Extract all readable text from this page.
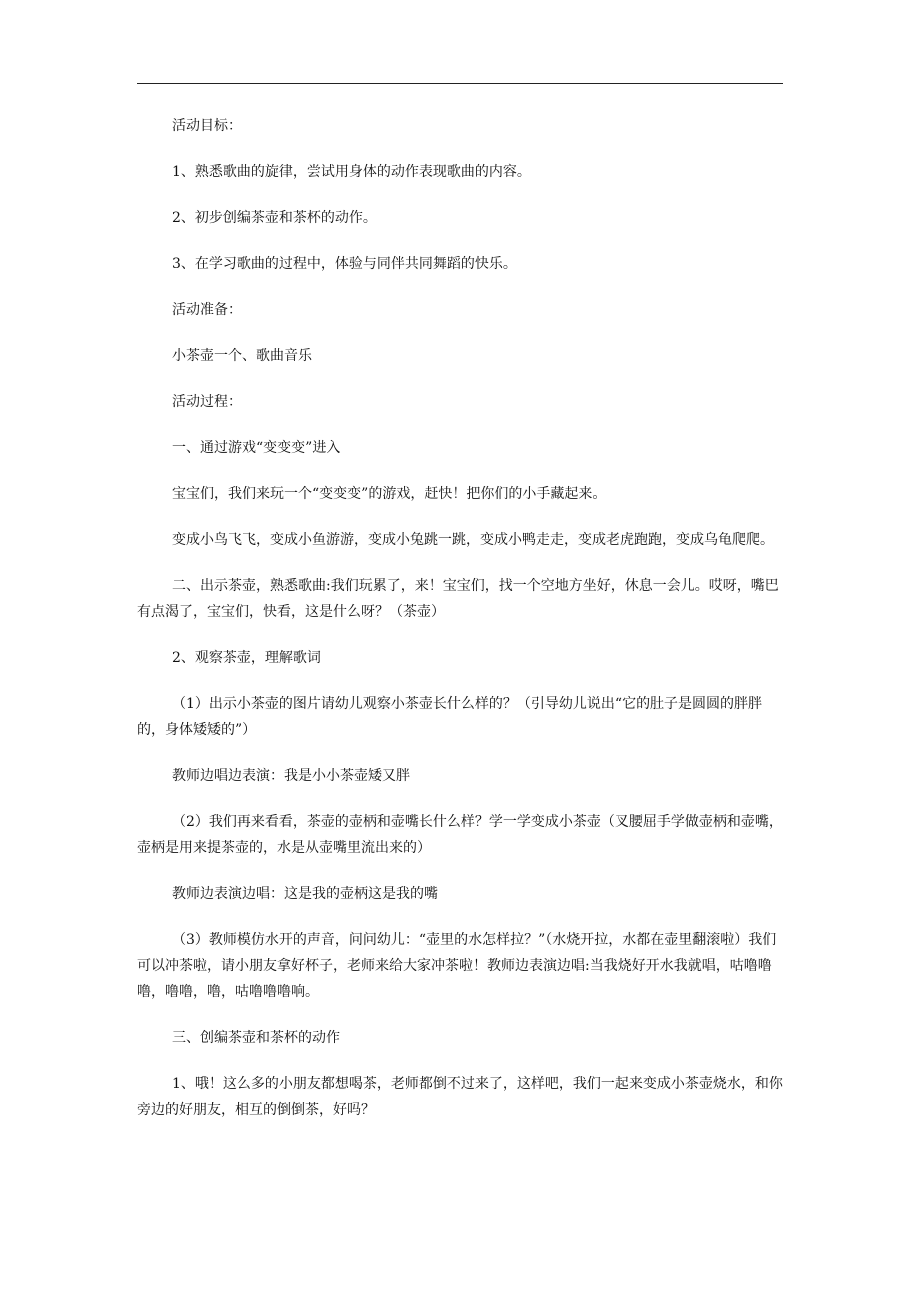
活动目标：

1、熟悉歌曲的旋律，尝试用身体的动作表现歌曲的内容。

2、初步创编茶壶和茶杯的动作。

3、在学习歌曲的过程中，体验与同伴共同舞蹈的快乐。

活动准备：

小茶壶一个、歌曲音乐

活动过程：

一、通过游戏“变变变”进入

宝宝们，我们来玩一个“变变变”的游戏，赶快！把你们的小手藏起来。

变成小鸟飞飞，变成小鱼游游，变成小兔跳一跳，变成小鸭走走，变成老虎跑跑，变成乌龟爬爬。

二、出示茶壶，熟悉歌曲:我们玩累了，来！宝宝们，找一个空地方坐好，休息一会儿。哎呀，嘴巴有点渴了，宝宝们，快看，这是什么呀？（茶壶）

2、观察茶壶，理解歌词

（1）出示小茶壶的图片请幼儿观察小茶壶长什么样的？（引导幼儿说出“它的肚子是圆圆的胖胖的，身体矮矮的”）

教师边唱边表演：我是小小茶壶矮又胖

（2）我们再来看看，茶壶的壶柄和壶嘴长什么样？学一学变成小茶壶（叉腰屈手学做壶柄和壶嘴，壶柄是用来提茶壶的，水是从壶嘴里流出来的）

教师边表演边唱：这是我的壶柄这是我的嘴

（3）教师模仿水开的声音，问问幼儿：“壶里的水怎样拉？”（水烧开拉，水都在壶里翻滚啦）我们可以冲茶啦，请小朋友拿好杯子，老师来给大家冲茶啦！教师边表演边唱:当我烧好开水我就唱，咕噜噜噜，噜噜，噜，咕噜噜噜响。

三、创编茶壶和茶杯的动作

1、哦！这么多的小朋友都想喝茶，老师都倒不过来了，这样吧，我们一起来变成小茶壶烧水，和你旁边的好朋友，相互的倒倒茶，好吗？
